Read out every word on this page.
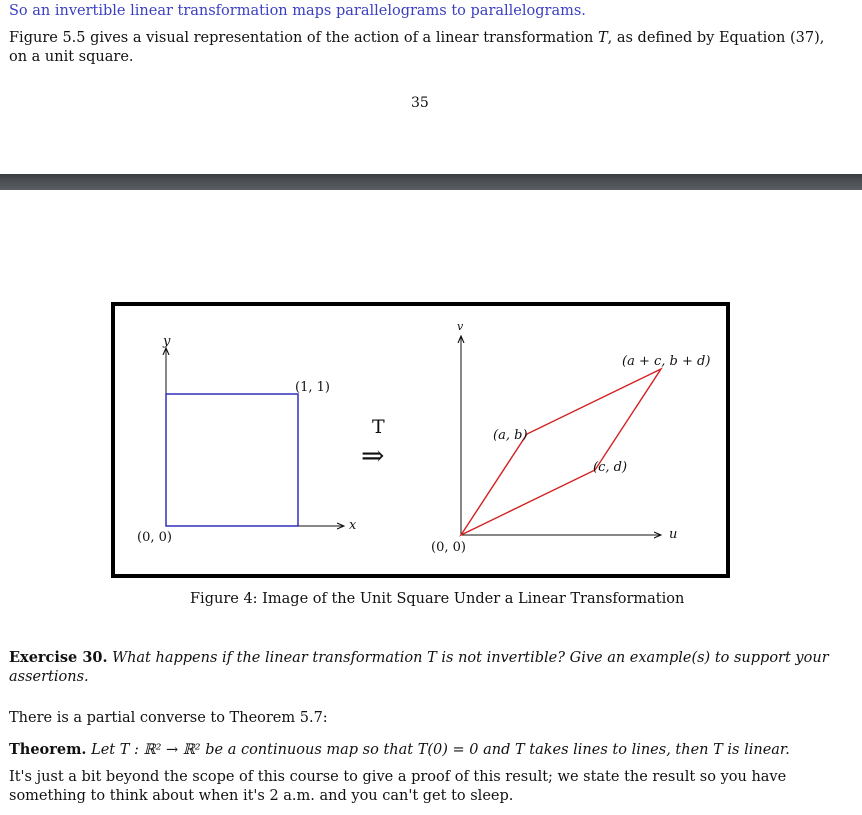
So an invertible linear transformation maps parallelograms to parallelograms.
Figure 5.5 gives a visual representation of the action of a linear transformation T, as defined by Equation (37), on a unit square.
35
y
x
(0, 0)
(1, 1)
T
⇒
v
u
(0, 0)
(a, b)
(c, d)
(a + c, b + d)
Figure 4: Image of the Unit Square Under a Linear Transformation
Exercise 30. What happens if the linear transformation T is not invertible? Give an example(s) to support your assertions.
There is a partial converse to Theorem 5.7:
Theorem. Let T : ℝ² → ℝ² be a continuous map so that T(0) = 0 and T takes lines to lines, then T is linear.
It's just a bit beyond the scope of this course to give a proof of this result; we state the result so you have something to think about when it's 2 a.m. and you can't get to sleep.
